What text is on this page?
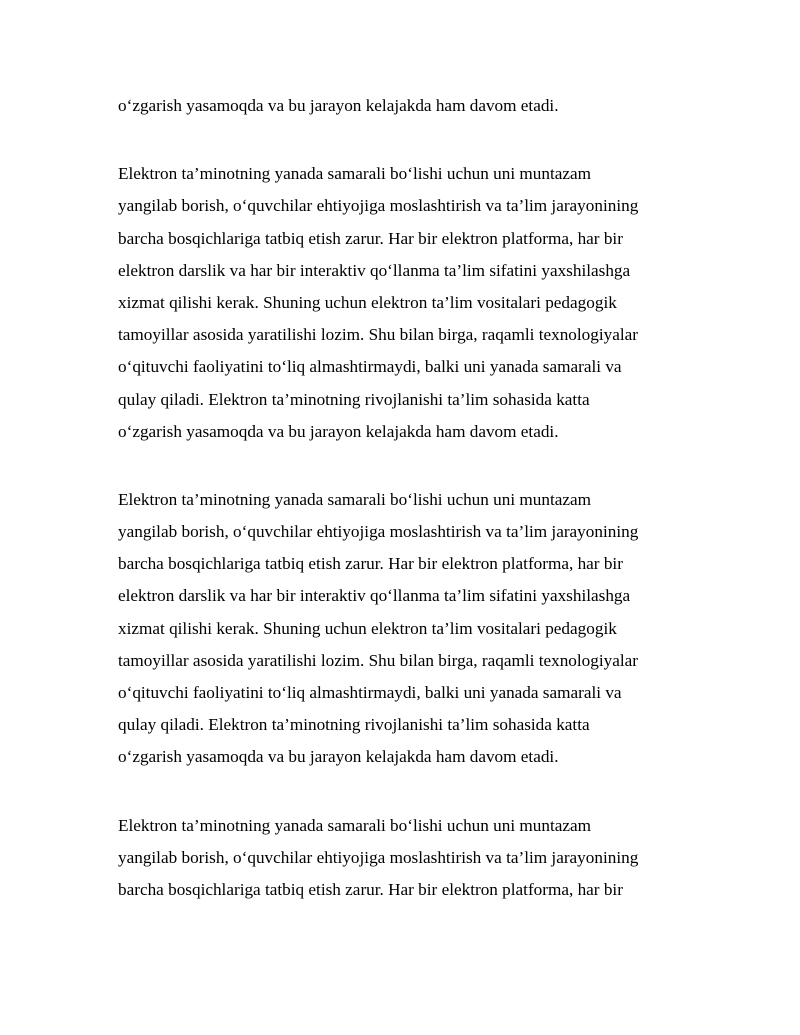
o‘zgarish yasamoqda va bu jarayon kelajakda ham davom etadi.
Elektron ta’minotning yanada samarali bo‘lishi uchun uni muntazam
yangilab borish, o‘quvchilar ehtiyojiga moslashtirish va ta’lim jarayonining
barcha bosqichlariga tatbiq etish zarur. Har bir elektron platforma, har bir
elektron darslik va har bir interaktiv qo‘llanma ta’lim sifatini yaxshilashga
xizmat qilishi kerak. Shuning uchun elektron ta’lim vositalari pedagogik
tamoyillar asosida yaratilishi lozim. Shu bilan birga, raqamli texnologiyalar
o‘qituvchi faoliyatini to‘liq almashtirmaydi, balki uni yanada samarali va
qulay qiladi. Elektron ta’minotning rivojlanishi ta’lim sohasida katta
o‘zgarish yasamoqda va bu jarayon kelajakda ham davom etadi.
Elektron ta’minotning yanada samarali bo‘lishi uchun uni muntazam
yangilab borish, o‘quvchilar ehtiyojiga moslashtirish va ta’lim jarayonining
barcha bosqichlariga tatbiq etish zarur. Har bir elektron platforma, har bir
elektron darslik va har bir interaktiv qo‘llanma ta’lim sifatini yaxshilashga
xizmat qilishi kerak. Shuning uchun elektron ta’lim vositalari pedagogik
tamoyillar asosida yaratilishi lozim. Shu bilan birga, raqamli texnologiyalar
o‘qituvchi faoliyatini to‘liq almashtirmaydi, balki uni yanada samarali va
qulay qiladi. Elektron ta’minotning rivojlanishi ta’lim sohasida katta
o‘zgarish yasamoqda va bu jarayon kelajakda ham davom etadi.
Elektron ta’minotning yanada samarali bo‘lishi uchun uni muntazam
yangilab borish, o‘quvchilar ehtiyojiga moslashtirish va ta’lim jarayonining
barcha bosqichlariga tatbiq etish zarur. Har bir elektron platforma, har bir
